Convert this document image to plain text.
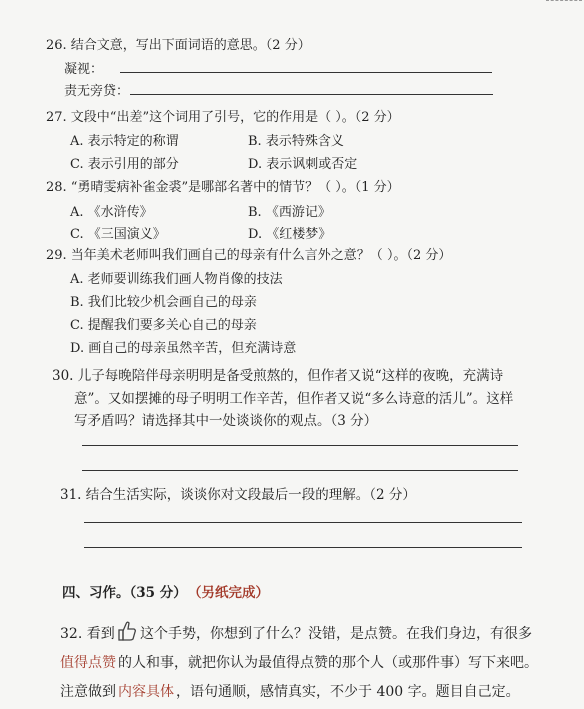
26. 结合文意，写出下面词语的意思。（2 分）
凝视：
责无旁贷：
27. 文段中“出差”这个词用了引号，它的作用是（ ）。（2 分）
A. 表示特定的称谓	B. 表示特殊含义
C. 表示引用的部分	D. 表示讽刺或否定
28. “勇晴雯病补雀金裘”是哪部名著中的情节？（ ）。（1 分）
A. 《水浒传》	B. 《西游记》
C. 《三国演义》	D. 《红楼梦》
29. 当年美术老师叫我们画自己的母亲有什么言外之意？（ ）。（2 分）
A. 老师要训练我们画人物肖像的技法
B. 我们比较少机会画自己的母亲
C. 提醒我们要多关心自己的母亲
D. 画自己的母亲虽然辛苦，但充满诗意
30. 儿子每晚陪伴母亲明明是备受煎熬的，但作者又说“这样的夜晚，充满诗
意”。又如摆摊的母子明明工作辛苦，但作者又说“多么诗意的活儿”。这样
写矛盾吗？请选择其中一处谈谈你的观点。（3 分）
31. 结合生活实际，谈谈你对文段最后一段的理解。（2 分）
四、习作。（35 分） （另纸完成）
32. 看到 这个手势，你想到了什么？没错，是点赞。在我们身边，有很多
值得点赞 的人和事，就把你认为最值得点赞的那个人（或那件事）写下来吧。
注意做到 内容具体 ，语句通顺，感情真实，不少于 400 字。题目自己定。
